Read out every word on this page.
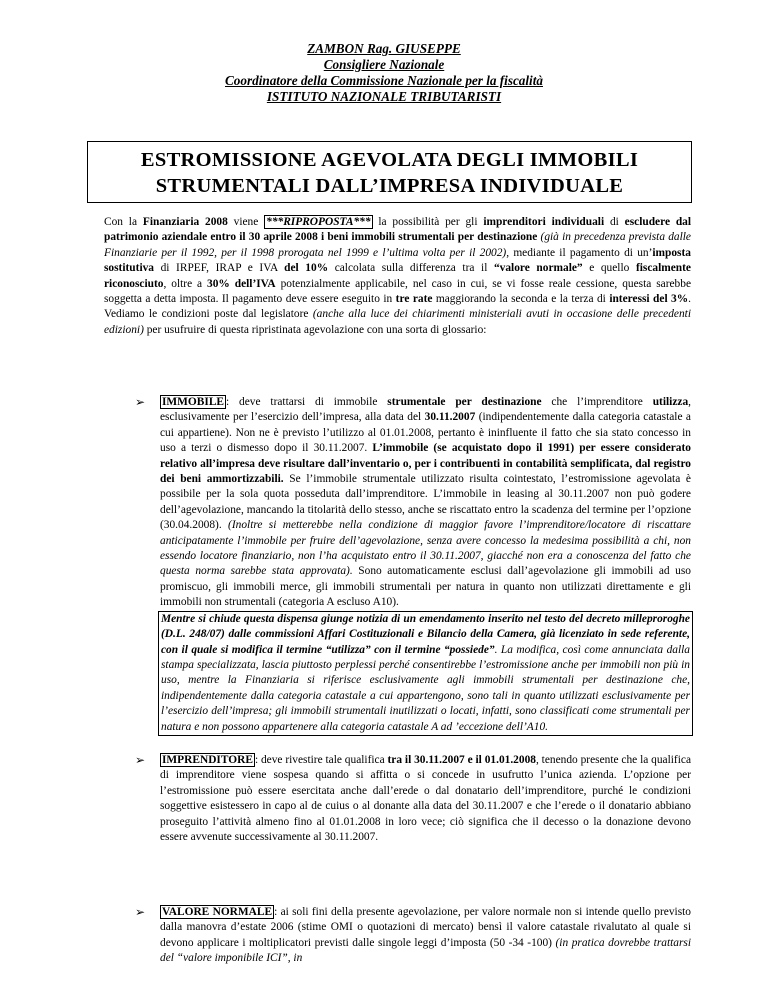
ZAMBON Rag. GIUSEPPE
Consigliere Nazionale
Coordinatore della Commissione Nazionale per la fiscalità
ISTITUTO NAZIONALE TRIBUTARISTI
ESTROMISSIONE AGEVOLATA DEGLI IMMOBILI
STRUMENTALI DALL’IMPRESA INDIVIDUALE
Con la Finanziaria 2008 viene ***RIPROPOSTA*** la possibilità per gli imprenditori individuali di escludere dal patrimonio aziendale entro il 30 aprile 2008 i beni immobili strumentali per destinazione (già in precedenza prevista dalle Finanziarie per il 1992, per il 1998 prorogata nel 1999 e l’ultima volta per il 2002), mediante il pagamento di un’imposta sostitutiva di IRPEF, IRAP e IVA del 10% calcolata sulla differenza tra il “valore normale” e quello fiscalmente riconosciuto, oltre a 30% dell’IVA potenzialmente applicabile, nel caso in cui, se vi fosse reale cessione, questa sarebbe soggetta a detta imposta. Il pagamento deve essere eseguito in tre rate maggiorando la seconda e la terza di interessi del 3%. Vediamo le condizioni poste dal legislatore (anche alla luce dei chiarimenti ministeriali avuti in occasione delle precedenti edizioni) per usufruire di questa ripristinata agevolazione con una sorta di glossario:
➢ IMMOBILE : deve trattarsi di immobile strumentale per destinazione che l’imprenditore utilizza, esclusivamente per l’esercizio dell’impresa, alla data del 30.11.2007 (indipendentemente dalla categoria catastale a cui appartiene). Non ne è previsto l’utilizzo al 01.01.2008, pertanto è ininfluente il fatto che sia stato concesso in uso a terzi o dismesso dopo il 30.11.2007. L’immobile (se acquistato dopo il 1991) per essere considerato relativo all’impresa deve risultare dall’inventario o, per i contribuenti in contabilità semplificata, dal registro dei beni ammortizzabili. Se l’immobile strumentale utilizzato risulta cointestato, l’estromissione agevolata è possibile per la sola quota posseduta dall’imprenditore. L’immobile in leasing al 30.11.2007 non può godere dell’agevolazione, mancando la titolarità dello stesso, anche se riscattato entro la scadenza del termine per l’opzione (30.04.2008). (Inoltre si metterebbe nella condizione di maggior favore l’imprenditore/locatore di riscattare anticipatamente l’immobile per fruire dell’agevolazione, senza avere concesso la medesima possibilità a chi, non essendo locatore finanziario, non l’ha acquistato entro il 30.11.2007, giacché non era a conoscenza del fatto che questa norma sarebbe stata approvata). Sono automaticamente esclusi dall’agevolazione gli immobili ad uso promiscuo, gli immobili merce, gli immobili strumentali per natura in quanto non utilizzati direttamente e gli immobili non strumentali (categoria A escluso A10).
Mentre si chiude questa dispensa giunge notizia di un emendamento inserito nel testo del decreto milleproroghe (D.L. 248/07) dalle commissioni Affari Costituzionali e Bilancio della Camera, già licenziato in sede referente, con il quale si modifica il termine “utilizza” con il termine “possiede”. La modifica, così come annunciata dalla stampa specializzata, lascia piuttosto perplessi perché consentirebbe l’estromissione anche per immobili non più in uso, mentre la Finanziaria si riferisce esclusivamente agli immobili strumentali per destinazione che, indipendentemente dalla categoria catastale a cui appartengono, sono tali in quanto utilizzati esclusivamente per l’esercizio dell’impresa; gli immobili strumentali inutilizzati o locati, infatti, sono classificati come strumentali per natura e non possono appartenere alla categoria catastale A ad ’eccezione dell’A10.
➢ IMPRENDITORE : deve rivestire tale qualifica tra il 30.11.2007 e il 01.01.2008, tenendo presente che la qualifica di imprenditore viene sospesa quando si affitta o si concede in usufrutto l’unica azienda. L’opzione per l’estromissione può essere esercitata anche dall’erede o dal donatario dell’imprenditore, purché le condizioni soggettive esistessero in capo al de cuius o al donante alla data del 30.11.2007 e che l’erede o il donatario abbiano proseguito l’attività almeno fino al 01.01.2008 in loro vece; ciò significa che il decesso o la donazione devono essere avvenute successivamente al 30.11.2007.
➢ VALORE NORMALE : ai soli fini della presente agevolazione, per valore normale non si intende quello previsto dalla manovra d’estate 2006 (stime OMI o quotazioni di mercato) bensì il valore catastale rivalutato al quale si devono applicare i moltiplicatori previsti dalle singole leggi d’imposta (50 -34 -100) (in pratica dovrebbe trattarsi del “valore imponibile ICI”, in
